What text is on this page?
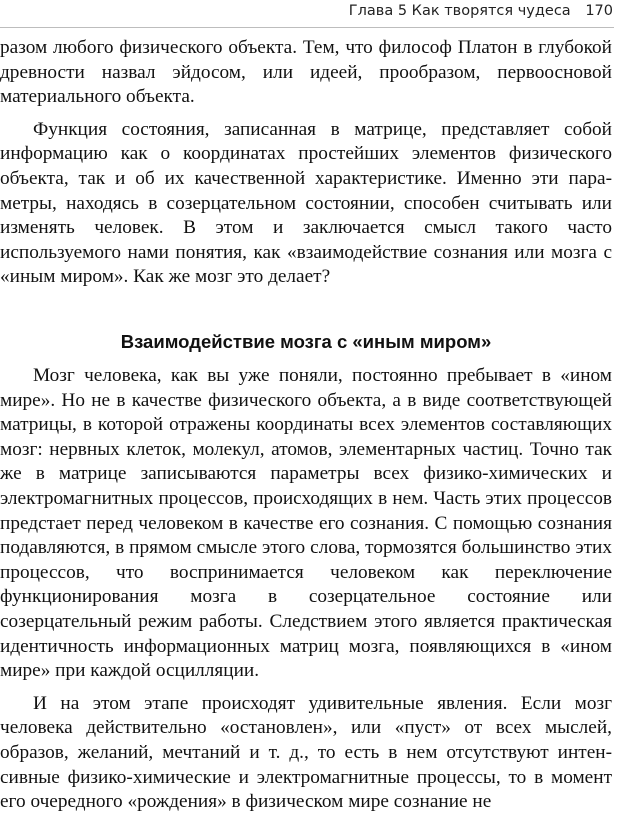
Глава 5 Как творятся чудеса 170

разом любого физического объекта. Тем, что философ Платон в глубокой древности назвал эйдосом, или идеей, прообразом, первоосновой материального объекта.

Функция состояния, записанная в матрице, представляет собой информацию как о координатах простейших элементов физического объекта, так и об их качественной характеристике. Именно эти параметры, находясь в созерцательном состоянии, способен считывать или изменять человек. В этом и заключается смысл такого часто используемого нами понятия, как «взаимодействие сознания или мозга с «иным миром». Как же мозг это делает?

Взаимодействие мозга с «иным миром»

Мозг человека, как вы уже поняли, постоянно пребывает в «ином мире». Но не в качестве физического объекта, а в виде соответствующей матрицы, в которой отражены координаты всех элементов составляющих мозг: нервных клеток, молекул, атомов, элементарных частиц. Точно так же в матрице записываются параметры всех физико-химических и электромагнитных процессов, происходящих в нем. Часть этих процессов предстает перед человеком в качестве его сознания. С помощью сознания подавляются, в прямом смысле этого слова, тормозятся большинство этих процессов, что воспринимается человеком как переключение функционирования мозга в созерцательное состояние или созерцательный режим работы. Следствием этого является практическая идентичность информационных матриц мозга, появляющихся в «ином мире» при каждой осцилляции.

И на этом этапе происходят удивительные явления. Если мозг человека действительно «остановлен», или «пуст» от всех мыслей, образов, желаний, мечтаний и т. д., то есть в нем отсутствуют интенсивные физико-химические и электромагнитные процессы, то в момент его очередного «рождения» в физическом мире сознание не
